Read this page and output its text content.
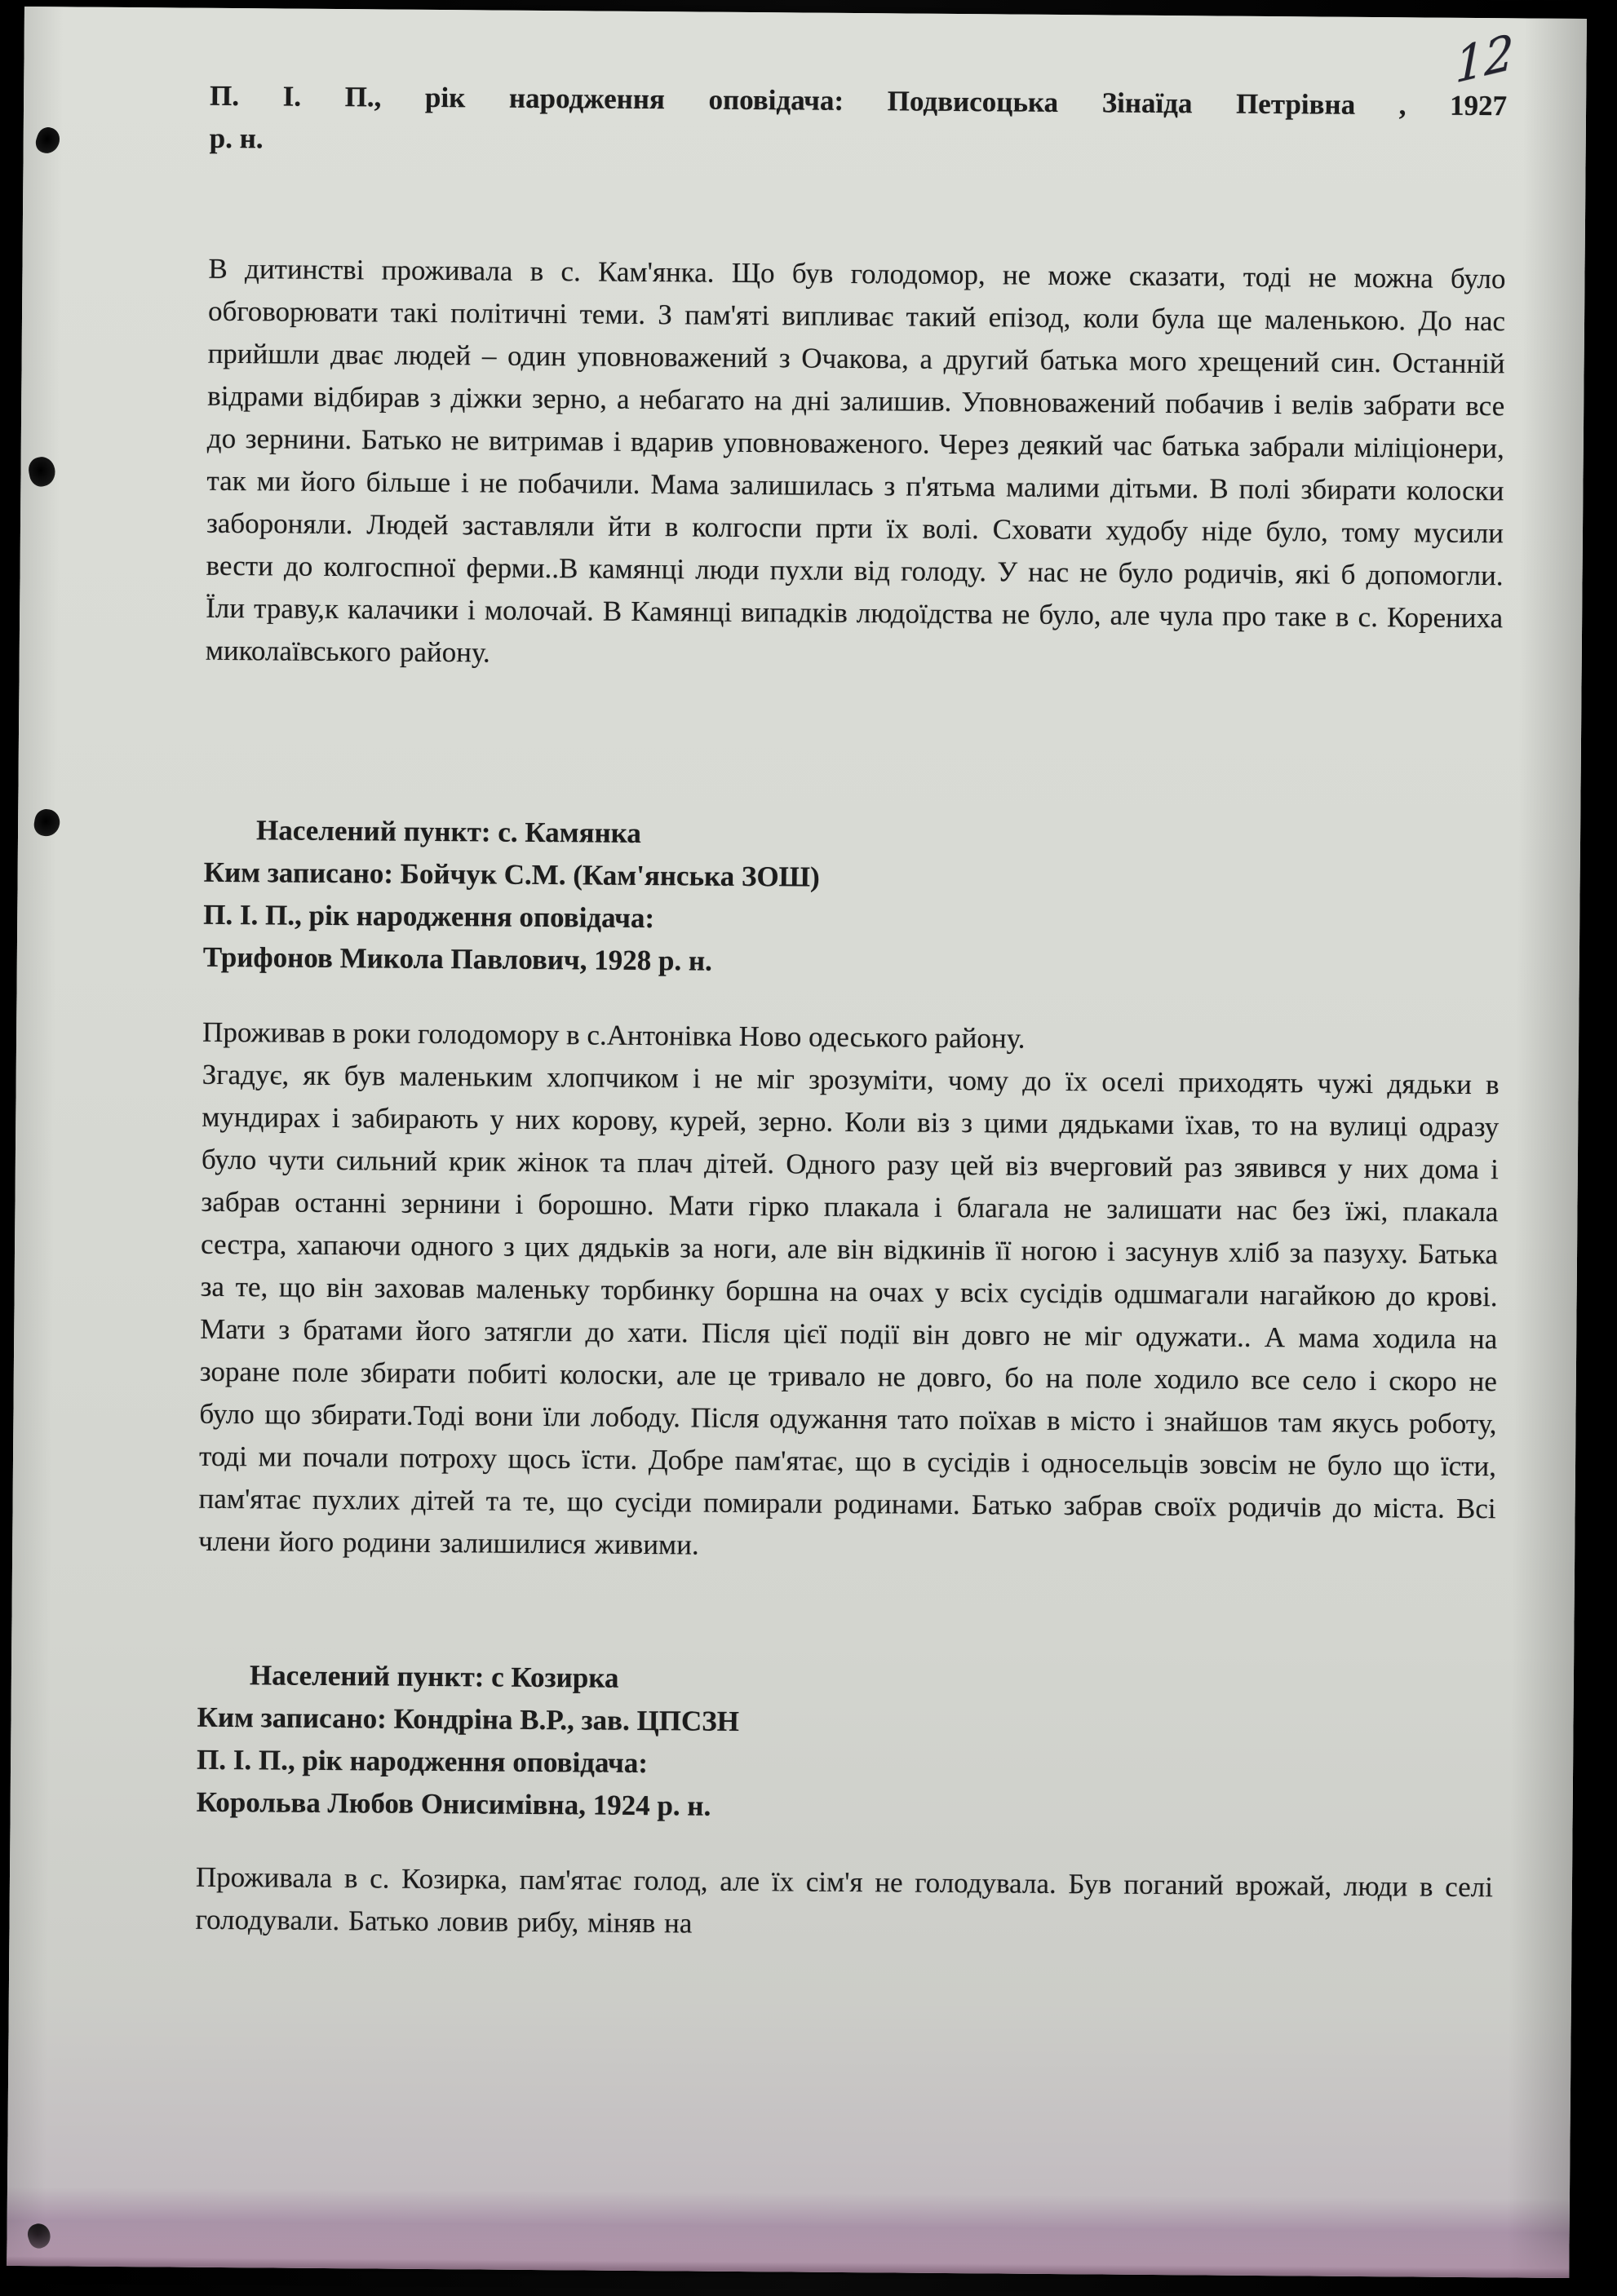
12
П. І. П., рік народження оповідача: Подвисоцька Зінаїда Петрівна , 1927
р. н.

В дитинстві проживала в с. Кам'янка. Що був голодомор, не може сказати, тоді не можна було обговорювати такі політичні теми. З пам'яті випливає такий епізод, коли була ще маленькою. До нас прийшли дває людей – один уповноважений з Очакова, а другий батька мого хрещений син. Останній відрами відбирав з діжки зерно, а небагато на дні залишив. Уповноважений побачив і велів забрати все до зернини. Батько не витримав і вдарив уповноваженого. Через деякий час батька забрали міліціонери, так ми його більше і не побачили. Мама залишилась з п'ятьма малими дітьми. В полі збирати колоски забороняли. Людей заставляли йти в колгоспи прти їх волі. Сховати худобу ніде було, тому мусили вести до колгоспної ферми..В камянці люди пухли від голоду. У нас не було родичів, які б допомогли. Їли траву,к калачики і молочай. В Камянці випадків людоїдства не було, але чула про таке в с. Корениха миколаївського району.

Населений пункт: с. Камянка
Ким записано: Бойчук С.М. (Кам'янська ЗОШ)
П. І. П., рік народження оповідача:
Трифонов Микола Павлович, 1928 р. н.
Проживав в роки голодомору в с.Антонівка Ново одеського району.

Згадує, як був маленьким хлопчиком і не міг зрозуміти, чому до їх оселі приходять чужі дядьки в мундирах і забирають у них корову, курей, зерно. Коли віз з цими дядьками їхав, то на вулиці одразу було чути сильний крик жінок та плач дітей. Одного разу цей віз вчерговий раз зявився у них дома і забрав останні зернини і борошно. Мати гірко плакала і благала не залишати нас без їжі, плакала сестра, хапаючи одного з цих дядьків за ноги, але він відкинів її ногою і засунув хліб за пазуху. Батька за те, що він заховав маленьку торбинку боршна на очах у всіх сусідів одшмагали нагайкою до крові. Мати з братами його затягли до хати. Після цієї події він довго не міг одужати.. А мама ходила на зоране поле збирати побиті колоски, але це тривало не довго, бо на поле ходило все село і скоро не було що збирати.Тоді вони їли лободу. Після одужання тато поїхав в місто і знайшов там якусь роботу, тоді ми почали потроху щось їсти. Добре пам'ятає, що в сусідів і односельців зовсім не було що їсти, пам'ятає пухлих дітей та те, що сусіди помирали родинами. Батько забрав своїх родичів до міста. Всі члени його родини залишилися живими.

Населений пункт: с Козирка
Ким записано: Кондріна В.Р., зав. ЦПСЗН
П. І. П., рік народження оповідача:
Корольва Любов Онисимівна, 1924 р. н.

Проживала в с. Козирка, пам'ятає голод, але їх сім'я не голодувала. Був поганий врожай, люди в селі голодували. Батько ловив рибу, міняв на
